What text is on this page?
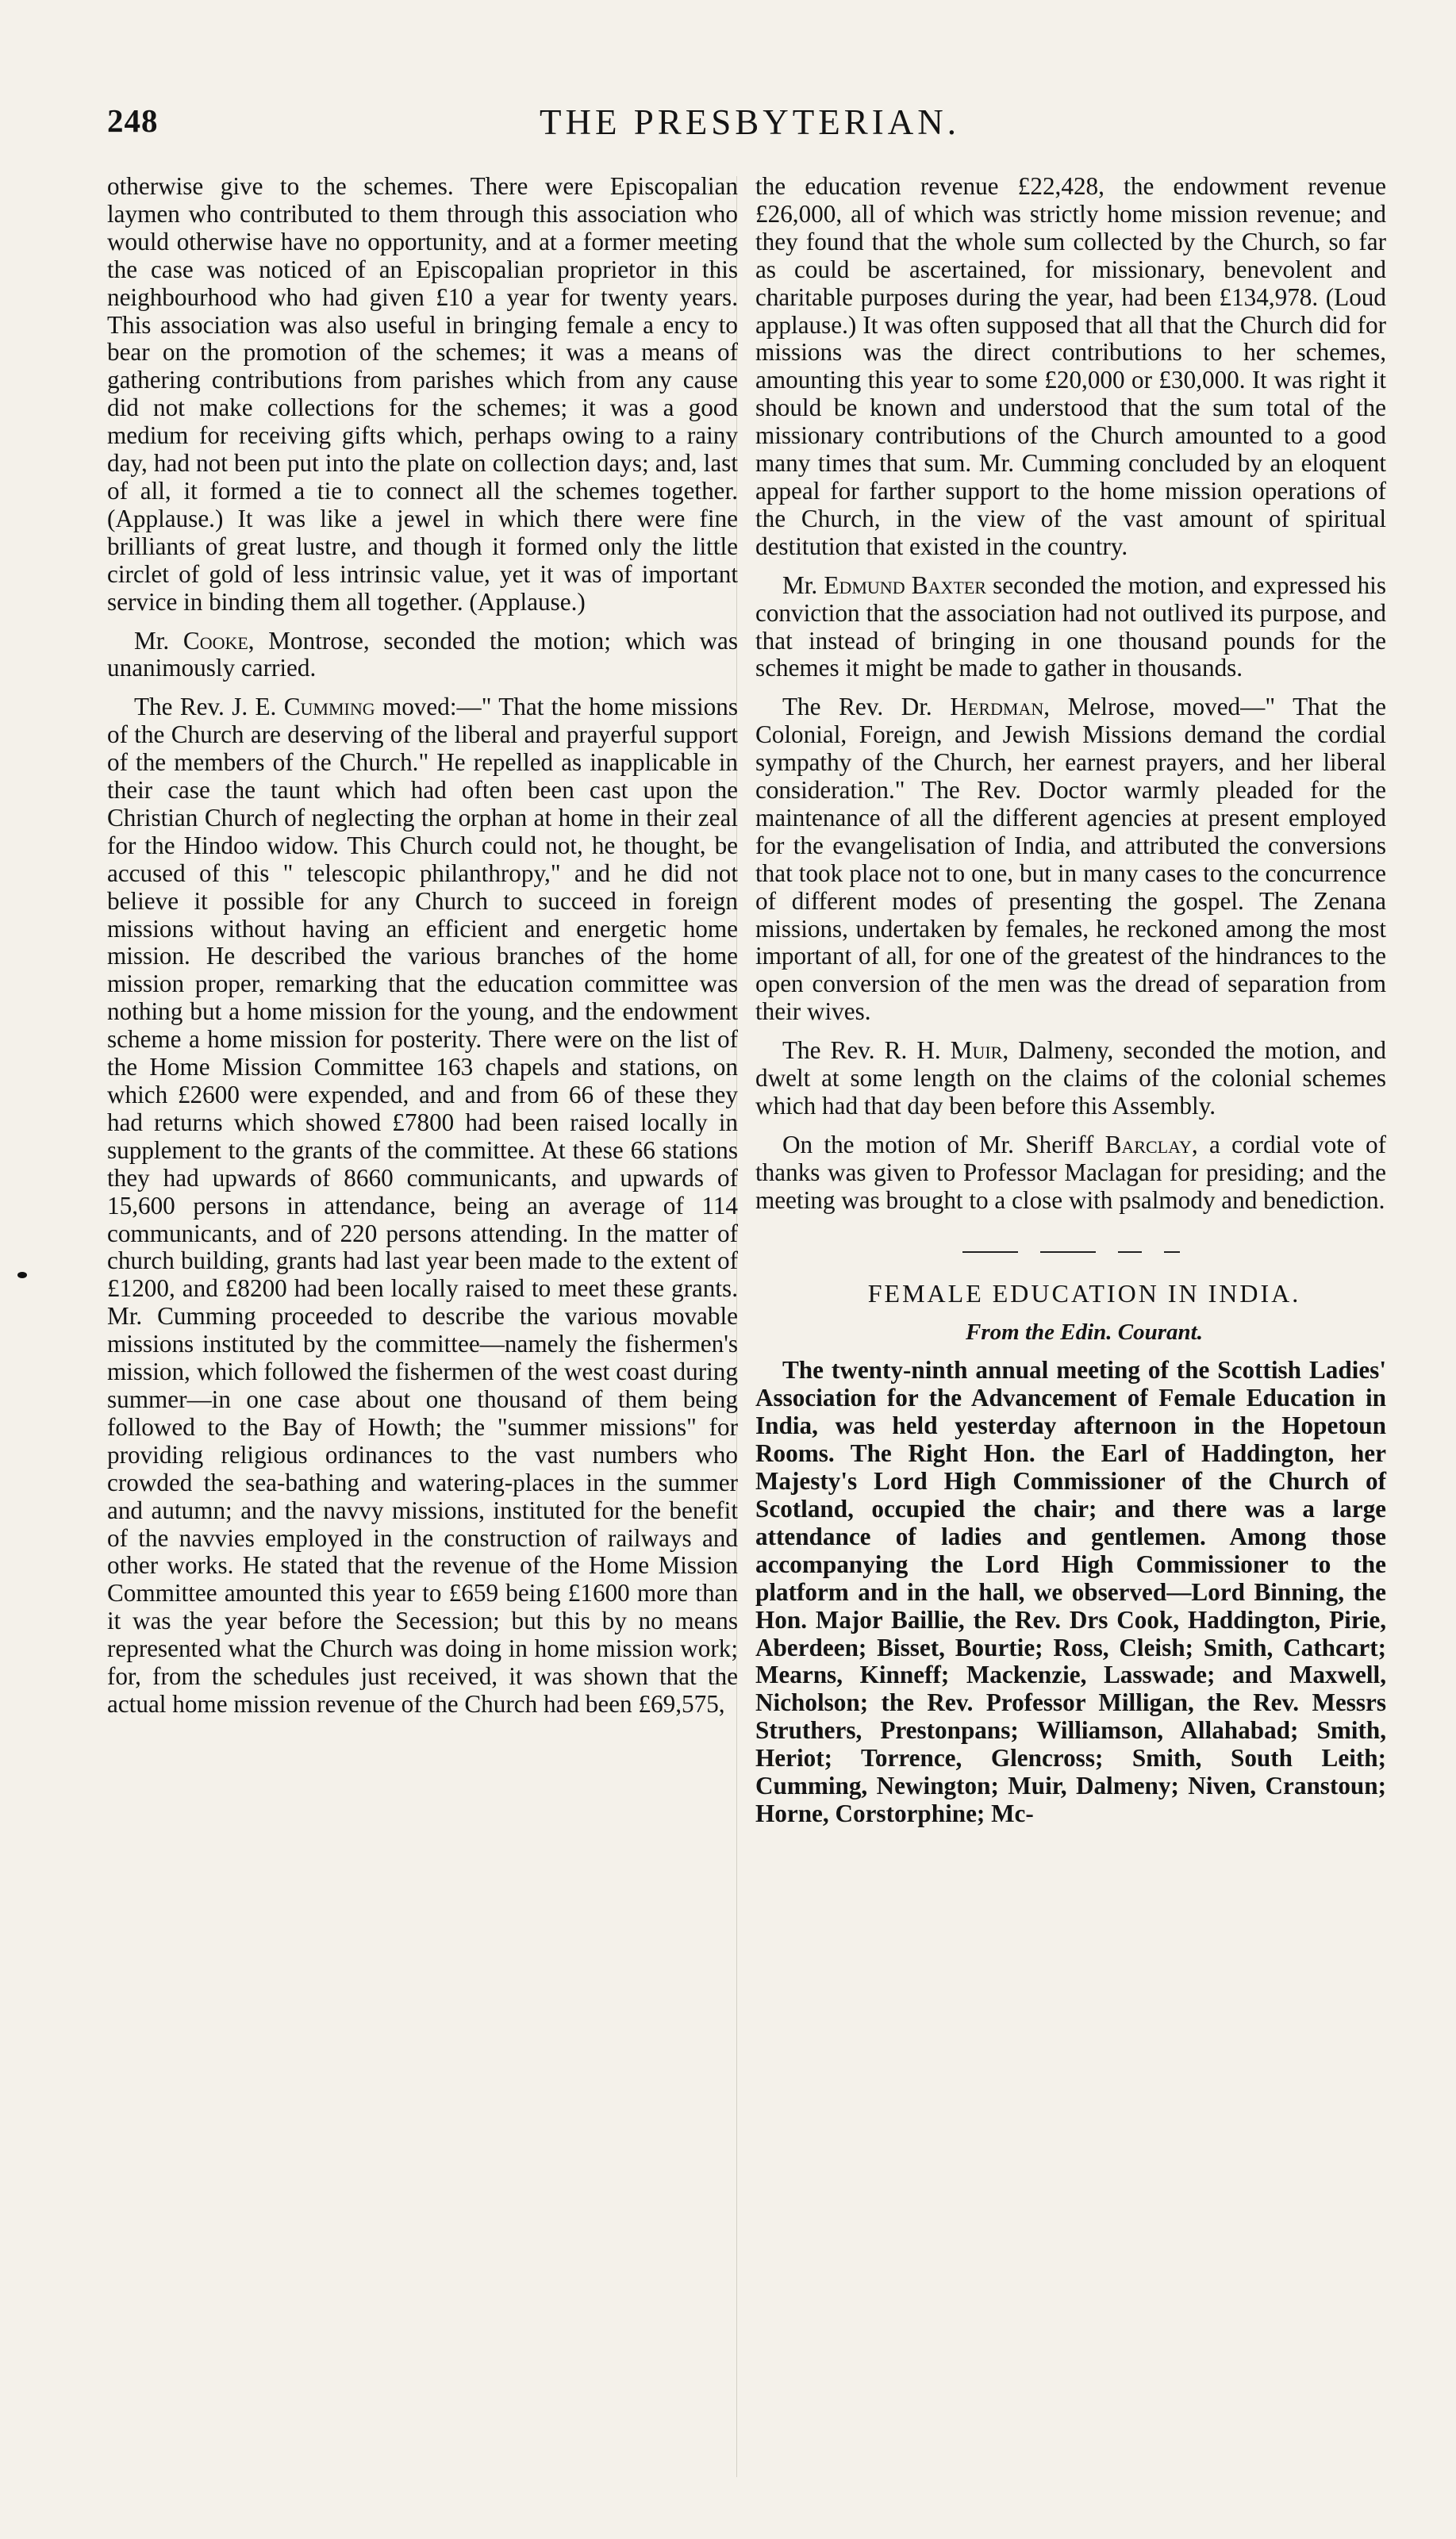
248	THE PRESBYTERIAN.

otherwise give to the schemes. There were Episcopalian laymen who contributed to them through this association who would otherwise have no opportunity, and at a former meeting the case was noticed of an Episcopalian proprietor in this neighbourhood who had given £10 a year for twenty years. This association was also useful in bringing female a ency to bear on the promotion of the schemes; it was a means of gathering contributions from parishes which from any cause did not make collections for the schemes; it was a good medium for receiving gifts which, perhaps owing to a rainy day, had not been put into the plate on collection days; and, last of all, it formed a tie to connect all the schemes together. (Applause.) It was like a jewel in which there were fine brilliants of great lustre, and though it formed only the little circlet of gold of less intrinsic value, yet it was of important service in binding them all together. (Applause.)

Mr. Cooke, Montrose, seconded the motion; which was unanimously carried.

The Rev. J. E. Cumming moved:—" That the home missions of the Church are deserving of the liberal and prayerful support of the members of the Church." He repelled as inapplicable in their case the taunt which had often been cast upon the Christian Church of neglecting the orphan at home in their zeal for the Hindoo widow. This Church could not, he thought, be accused of this " telescopic philanthropy," and he did not believe it possible for any Church to succeed in foreign missions without having an efficient and energetic home mission. He described the various branches of the home mission proper, remarking that the education committee was nothing but a home mission for the young, and the endowment scheme a home mission for posterity. There were on the list of the Home Mission Committee 163 chapels and stations, on which £2600 were expended, and and from 66 of these they had returns which showed £7800 had been raised locally in supplement to the grants of the committee. At these 66 stations they had upwards of 8660 communicants, and upwards of 15,600 persons in attendance, being an average of 114 communicants, and of 220 persons attending. In the matter of church building, grants had last year been made to the extent of £1200, and £8200 had been locally raised to meet these grants. Mr. Cumming proceeded to describe the various movable missions instituted by the committee—namely the fishermen's mission, which followed the fishermen of the west coast during summer—in one case about one thousand of them being followed to the Bay of Howth; the "summer missions" for providing religious ordinances to the vast numbers who crowded the sea-bathing and watering-places in the summer and autumn; and the navvy missions, instituted for the benefit of the navvies employed in the construction of railways and other works. He stated that the revenue of the Home Mission Committee amounted this year to £659 being £1600 more than it was the year before the Secession; but this by no means represented what the Church was doing in home mission work; for, from the schedules just received, it was shown that the actual home mission revenue of the Church had been £69,575,

the education revenue £22,428, the endowment revenue £26,000, all of which was strictly home mission revenue; and they found that the whole sum collected by the Church, so far as could be ascertained, for missionary, benevolent and charitable purposes during the year, had been £134,978. (Loud applause.) It was often supposed that all that the Church did for missions was the direct contributions to her schemes, amounting this year to some £20,000 or £30,000. It was right it should be known and understood that the sum total of the missionary contributions of the Church amounted to a good many times that sum. Mr. Cumming concluded by an eloquent appeal for farther support to the home mission operations of the Church, in the view of the vast amount of spiritual destitution that existed in the country.

Mr. Edmund Baxter seconded the motion, and expressed his conviction that the association had not outlived its purpose, and that instead of bringing in one thousand pounds for the schemes it might be made to gather in thousands.

The Rev. Dr. Herdman, Melrose, moved—" That the Colonial, Foreign, and Jewish Missions demand the cordial sympathy of the Church, her earnest prayers, and her liberal consideration." The Rev. Doctor warmly pleaded for the maintenance of all the different agencies at present employed for the evangelisation of India, and attributed the conversions that took place not to one, but in many cases to the concurrence of different modes of presenting the gospel. The Zenana missions, undertaken by females, he reckoned among the most important of all, for one of the greatest of the hindrances to the open conversion of the men was the dread of separation from their wives.

The Rev. R. H. Muir, Dalmeny, seconded the motion, and dwelt at some length on the claims of the colonial schemes which had that day been before this Assembly.

On the motion of Mr. Sheriff Barclay, a cordial vote of thanks was given to Professor Maclagan for presiding; and the meeting was brought to a close with psalmody and benediction.

FEMALE EDUCATION IN INDIA.

From the Edin. Courant.

The twenty-ninth annual meeting of the Scottish Ladies' Association for the Advancement of Female Education in India, was held yesterday afternoon in the Hopetoun Rooms. The Right Hon. the Earl of Haddington, her Majesty's Lord High Commissioner of the Church of Scotland, occupied the chair; and there was a large attendance of ladies and gentlemen. Among those accompanying the Lord High Commissioner to the platform and in the hall, we observed—Lord Binning, the Hon. Major Baillie, the Rev. Drs Cook, Haddington, Pirie, Aberdeen; Bisset, Bourtie; Ross, Cleish; Smith, Cathcart; Mearns, Kinneff; Mackenzie, Lasswade; and Maxwell, Nicholson; the Rev. Professor Milligan, the Rev. Messrs Struthers, Prestonpans; Williamson, Allahabad; Smith, Heriot; Torrence, Glencross; Smith, South Leith; Cumming, Newington; Muir, Dalmeny; Niven, Cranstoun; Horne, Corstorphine; Mc-
